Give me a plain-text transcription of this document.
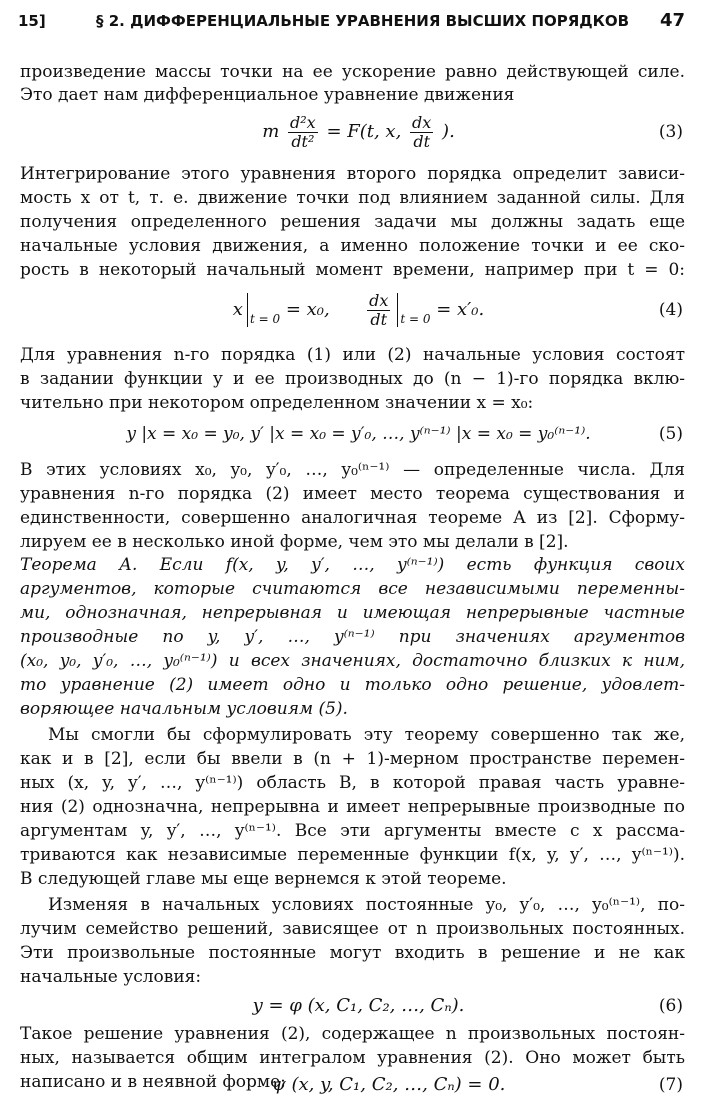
15]	§ 2. ДИФФЕРЕНЦИАЛЬНЫЕ УРАВНЕНИЯ ВЫСШИХ ПОРЯДКОВ 47
произведение массы точки на ее ускорение равно действующей силе.
Это дает нам дифференциальное уравнение движения
m $\frac{\text{d²x}}{\text{dt²}} = F(t$, x, $\frac{dx}{dt}$ ).	(3)
Интегрирование этого уравнения второго порядка определит зависи-
мость x от t, т. е. движение точки под влиянием заданной силы. Для
получения определенного решения задачи мы должны задать еще
начальные условия движения, а именно положение точки и ее ско-
рость в некоторый начальный момент времени, например при t = 0:
x $_{t = 0}$ = x₀, $\frac{dx}{dt} _{t = 0} = x'_0$.	(4)
Для уравнения n-го порядка (1) или (2) начальные условия состоят
в задании функции y и ее производных до (n − 1)-го порядка вклю-
чительно при некотором определенном значении x = x₀:
y |x = x₀ = y₀, y′ |x = x₀ = y′₀, …, y⁽ⁿ⁻¹⁾ |x = x₀ = y₀⁽ⁿ⁻¹⁾.	(5)
В этих условиях x₀, y₀, y′₀, …, y₀⁽ⁿ⁻¹⁾ — определенные числа. Для
уравнения n-го порядка (2) имеет место теорема существования и
единственности, совершенно аналогичная теореме А из [2]. Сформу-
лируем ее в несколько иной форме, чем это мы делали в [2].
Теорема А. Если f(x, y, y′, …, y⁽ⁿ⁻¹⁾) есть функция своих
аргументов, которые считаются все независимыми переменны-
ми, однозначная, непрерывная и имеющая непрерывные частные
производные по y, y′, …, y⁽ⁿ⁻¹⁾ при значениях аргументов
(x₀, y₀, y′₀, …, y₀⁽ⁿ⁻¹⁾) и всех значениях, достаточно близких к ним,
то уравнение (2) имеет одно и только одно решение, удовлет-
воряющее начальным условиям (5).
Мы смогли бы сформулировать эту теорему совершенно так же,
как и в [2], если бы ввели в (n + 1)-мерном пространстве перемен-
ных (x, y, y′, …, y⁽ⁿ⁻¹⁾) область B, в которой правая часть уравне-
ния (2) однозначна, непрерывна и имеет непрерывные производные по
аргументам y, y′, …, y⁽ⁿ⁻¹⁾. Все эти аргументы вместе с x рассма-
триваются как независимые переменные функции f(x, y, y′, …, y⁽ⁿ⁻¹⁾).
В следующей главе мы еще вернемся к этой теореме.
Изменяя в начальных условиях постоянные y₀, y′₀, …, y₀⁽ⁿ⁻¹⁾, по-
лучим семейство решений, зависящее от n произвольных постоянных.
Эти произвольные постоянные могут входить в решение и не как
начальные условия:
y = φ (x, C₁, C₂, …, Cₙ).	(6)
Такое решение уравнения (2), содержащее n произвольных постоян-
ных, называется общим интегралом уравнения (2). Оно может быть
написано и в неявной форме:
ψ (x, y, C₁, C₂, …, Cₙ) = 0.	(7)
